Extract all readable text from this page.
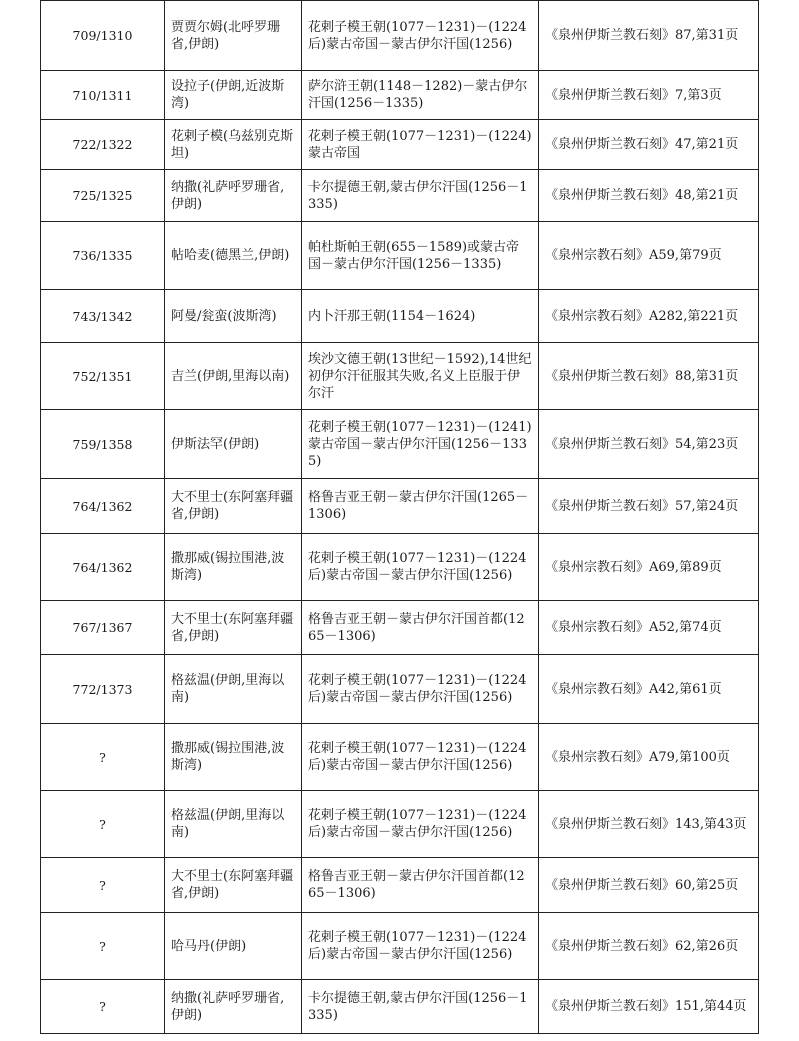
709/1310	贾贾尔姆(北呼罗珊省,伊朗)	花剌子模王朝(1077－1231)－(1224后)蒙古帝国－蒙古伊尔汗国(1256)	《泉州伊斯兰教石刻》87,第31页
710/1311	设拉子(伊朗,近波斯湾)	萨尔浒王朝(1148－1282)－蒙古伊尔汗国(1256－1335)	《泉州伊斯兰教石刻》7,第3页
722/1322	花剌子模(乌兹别克斯坦)	花剌子模王朝(1077－1231)－(1224)蒙古帝国	《泉州伊斯兰教石刻》47,第21页
725/1325	纳撒(礼萨呼罗珊省,伊朗)	卡尔提德王朝,蒙古伊尔汗国(1256－1335)	《泉州伊斯兰教石刻》48,第21页
736/1335	帖哈麦(德黑兰,伊朗)	帕杜斯帕王朝(655－1589)或蒙古帝国－蒙古伊尔汗国(1256－1335)	《泉州宗教石刻》A59,第79页
743/1342	阿曼/瓮蛮(波斯湾)	内卜汗那王朝(1154－1624)	《泉州宗教石刻》A282,第221页
752/1351	吉兰(伊朗,里海以南)	埃沙文德王朝(13世纪－1592),14世纪初伊尔汗征服其失败,名义上臣服于伊尔汗	《泉州伊斯兰教石刻》88,第31页
759/1358	伊斯法罕(伊朗)	花剌子模王朝(1077－1231)－(1241)蒙古帝国－蒙古伊尔汗国(1256－1335)	《泉州伊斯兰教石刻》54,第23页
764/1362	大不里士(东阿塞拜疆省,伊朗)	格鲁吉亚王朝－蒙古伊尔汗国(1265－1306)	《泉州伊斯兰教石刻》57,第24页
764/1362	撒那威(锡拉围港,波斯湾)	花剌子模王朝(1077－1231)－(1224后)蒙古帝国－蒙古伊尔汗国(1256)	《泉州宗教石刻》A69,第89页
767/1367	大不里士(东阿塞拜疆省,伊朗)	格鲁吉亚王朝－蒙古伊尔汗国首都(1265－1306)	《泉州宗教石刻》A52,第74页
772/1373	格兹温(伊朗,里海以南)	花剌子模王朝(1077－1231)－(1224后)蒙古帝国－蒙古伊尔汗国(1256)	《泉州宗教石刻》A42,第61页
?	撒那威(锡拉围港,波斯湾)	花剌子模王朝(1077－1231)－(1224后)蒙古帝国－蒙古伊尔汗国(1256)	《泉州宗教石刻》A79,第100页
?	格兹温(伊朗,里海以南)	花剌子模王朝(1077－1231)－(1224后)蒙古帝国－蒙古伊尔汗国(1256)	《泉州伊斯兰教石刻》143,第43页
?	大不里士(东阿塞拜疆省,伊朗)	格鲁吉亚王朝－蒙古伊尔汗国首都(1265－1306)	《泉州伊斯兰教石刻》60,第25页
?	哈马丹(伊朗)	花剌子模王朝(1077－1231)－(1224后)蒙古帝国－蒙古伊尔汗国(1256)	《泉州伊斯兰教石刻》62,第26页
?	纳撒(礼萨呼罗珊省,伊朗)	卡尔提德王朝,蒙古伊尔汗国(1256－1335)	《泉州伊斯兰教石刻》151,第44页
